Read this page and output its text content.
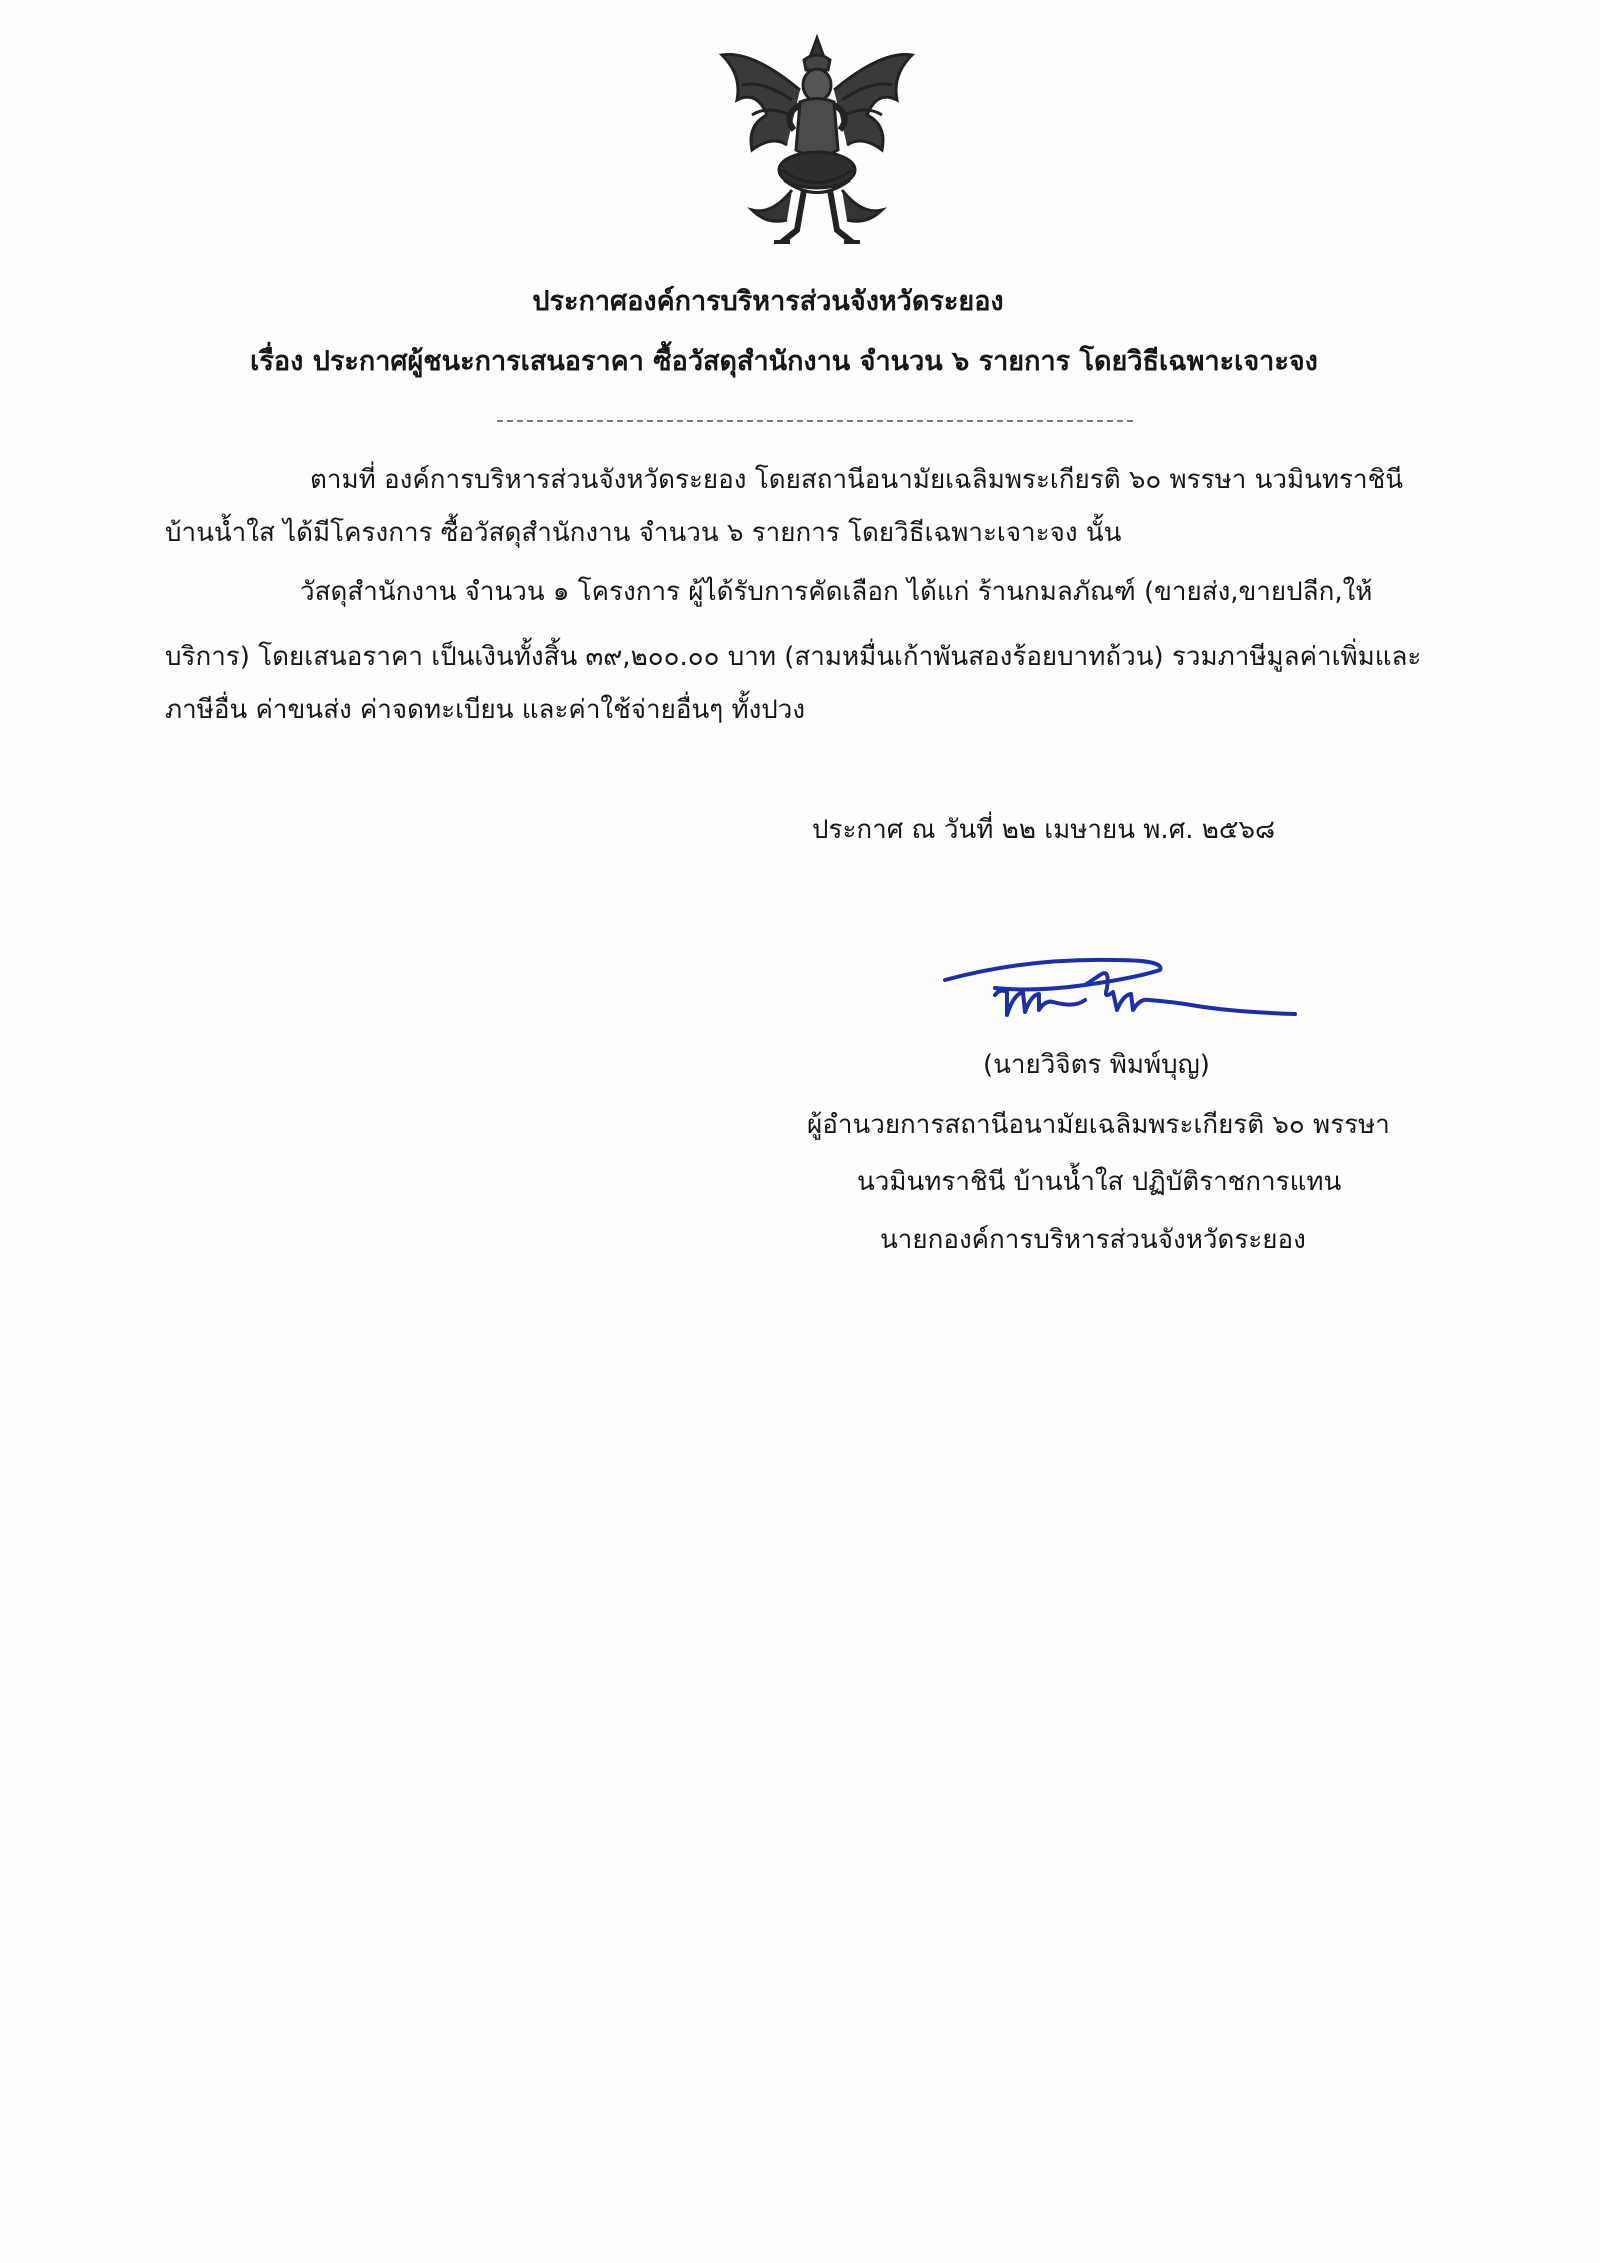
ประกาศองค์การบริหารส่วนจังหวัดระยอง
เรื่อง ประกาศผู้ชนะการเสนอราคา ซื้อวัสดุสำนักงาน จำนวน ๖ รายการ โดยวิธีเฉพาะเจาะจง
ตามที่ องค์การบริหารส่วนจังหวัดระยอง โดยสถานีอนามัยเฉลิมพระเกียรติ ๖๐ พรรษา นวมินทราชินี
บ้านน้ำใส ได้มีโครงการ ซื้อวัสดุสำนักงาน จำนวน ๖ รายการ โดยวิธีเฉพาะเจาะจง นั้น
วัสดุสำนักงาน จำนวน ๑ โครงการ ผู้ได้รับการคัดเลือก ได้แก่ ร้านกมลภัณฑ์ (ขายส่ง,ขายปลีก,ให้
บริการ) โดยเสนอราคา เป็นเงินทั้งสิ้น ๓๙,๒๐๐.๐๐ บาท (สามหมื่นเก้าพันสองร้อยบาทถ้วน) รวมภาษีมูลค่าเพิ่มและ
ภาษีอื่น ค่าขนส่ง ค่าจดทะเบียน และค่าใช้จ่ายอื่นๆ ทั้งปวง
ประกาศ ณ วันที่ ๒๒ เมษายน พ.ศ. ๒๕๖๘
(นายวิจิตร พิมพ์บุญ)
ผู้อำนวยการสถานีอนามัยเฉลิมพระเกียรติ ๖๐ พรรษา
นวมินทราชินี บ้านน้ำใส ปฏิบัติราชการแทน
นายกองค์การบริหารส่วนจังหวัดระยอง
